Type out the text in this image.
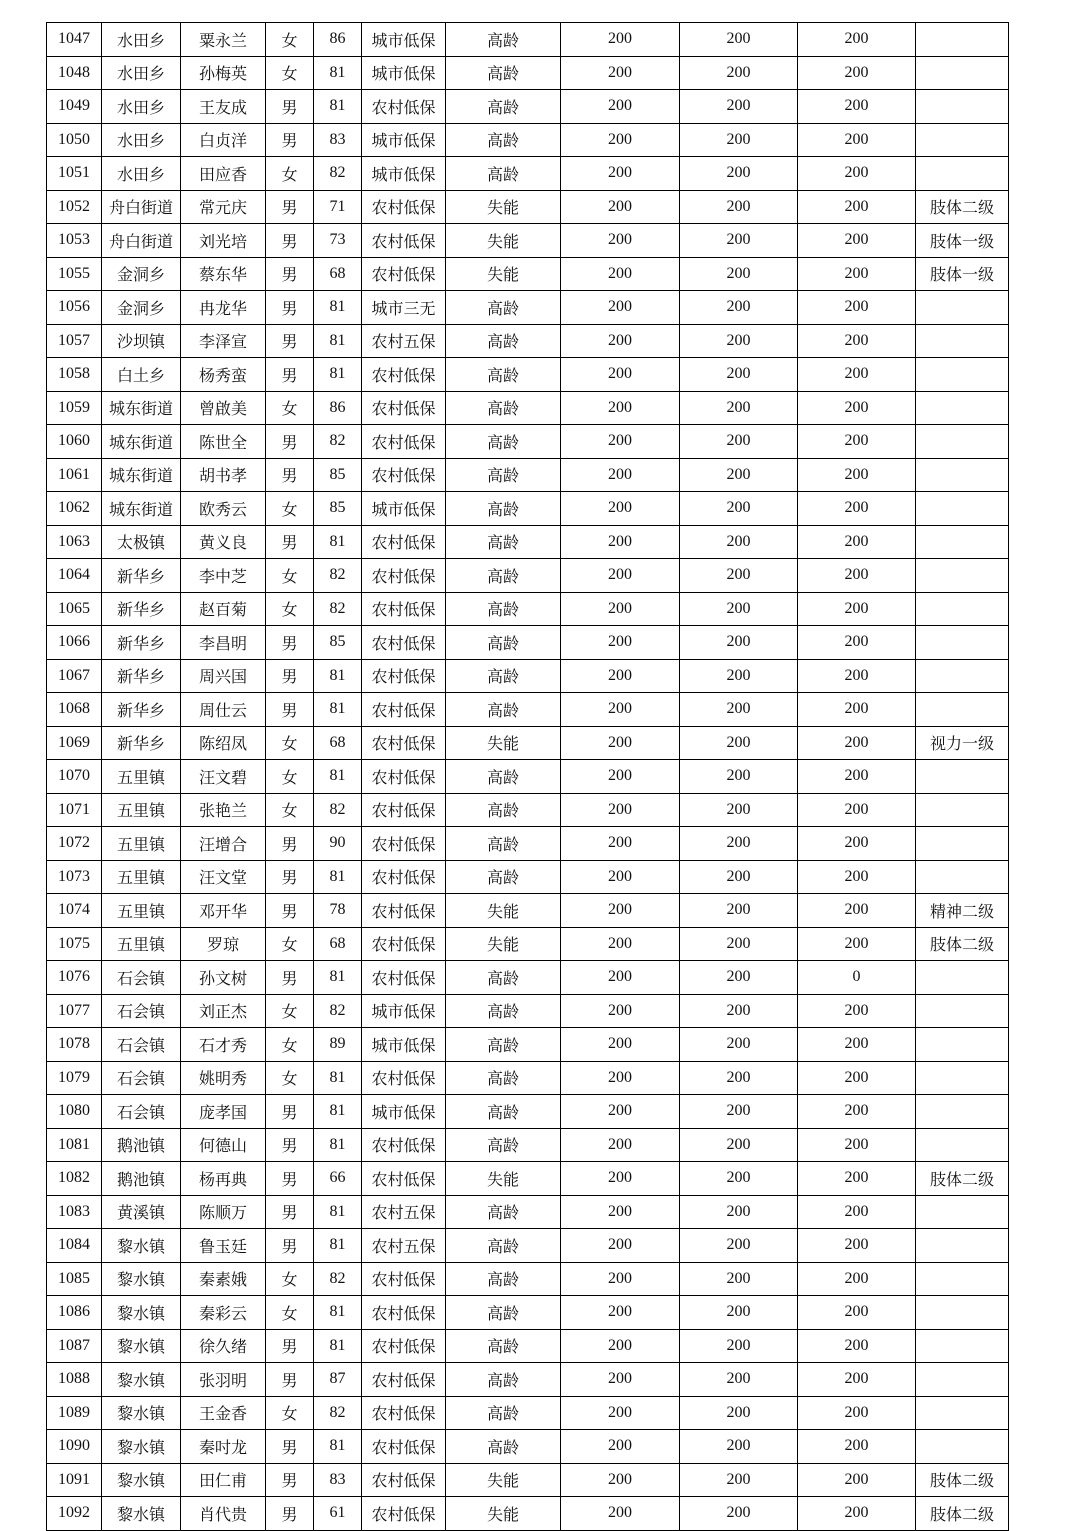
1047	水田乡	粟永兰	女	86	城市低保	高龄	200	200	200	
1048	水田乡	孙梅英	女	81	城市低保	高龄	200	200	200	
1049	水田乡	王友成	男	81	农村低保	高龄	200	200	200	
1050	水田乡	白贞洋	男	83	城市低保	高龄	200	200	200	
1051	水田乡	田应香	女	82	城市低保	高龄	200	200	200	
1052	舟白街道	常元庆	男	71	农村低保	失能	200	200	200	肢体二级
1053	舟白街道	刘光培	男	73	农村低保	失能	200	200	200	肢体一级
1055	金洞乡	蔡东华	男	68	农村低保	失能	200	200	200	肢体一级
1056	金洞乡	冉龙华	男	81	城市三无	高龄	200	200	200	
1057	沙坝镇	李泽宣	男	81	农村五保	高龄	200	200	200	
1058	白土乡	杨秀蛮	男	81	农村低保	高龄	200	200	200	
1059	城东街道	曾啟美	女	86	农村低保	高龄	200	200	200	
1060	城东街道	陈世全	男	82	农村低保	高龄	200	200	200	
1061	城东街道	胡书孝	男	85	农村低保	高龄	200	200	200	
1062	城东街道	欧秀云	女	85	城市低保	高龄	200	200	200	
1063	太极镇	黄义良	男	81	农村低保	高龄	200	200	200	
1064	新华乡	李中芝	女	82	农村低保	高龄	200	200	200	
1065	新华乡	赵百菊	女	82	农村低保	高龄	200	200	200	
1066	新华乡	李昌明	男	85	农村低保	高龄	200	200	200	
1067	新华乡	周兴国	男	81	农村低保	高龄	200	200	200	
1068	新华乡	周仕云	男	81	农村低保	高龄	200	200	200	
1069	新华乡	陈绍凤	女	68	农村低保	失能	200	200	200	视力一级
1070	五里镇	汪文碧	女	81	农村低保	高龄	200	200	200	
1071	五里镇	张艳兰	女	82	农村低保	高龄	200	200	200	
1072	五里镇	汪增合	男	90	农村低保	高龄	200	200	200	
1073	五里镇	汪文堂	男	81	农村低保	高龄	200	200	200	
1074	五里镇	邓开华	男	78	农村低保	失能	200	200	200	精神二级
1075	五里镇	罗琼	女	68	农村低保	失能	200	200	200	肢体二级
1076	石会镇	孙文树	男	81	农村低保	高龄	200	200	0	
1077	石会镇	刘正杰	女	82	城市低保	高龄	200	200	200	
1078	石会镇	石才秀	女	89	城市低保	高龄	200	200	200	
1079	石会镇	姚明秀	女	81	农村低保	高龄	200	200	200	
1080	石会镇	庞孝国	男	81	城市低保	高龄	200	200	200	
1081	鹅池镇	何德山	男	81	农村低保	高龄	200	200	200	
1082	鹅池镇	杨再典	男	66	农村低保	失能	200	200	200	肢体二级
1083	黄溪镇	陈顺万	男	81	农村五保	高龄	200	200	200	
1084	黎水镇	鲁玉廷	男	81	农村五保	高龄	200	200	200	
1085	黎水镇	秦素娥	女	82	农村低保	高龄	200	200	200	
1086	黎水镇	秦彩云	女	81	农村低保	高龄	200	200	200	
1087	黎水镇	徐久绪	男	81	农村低保	高龄	200	200	200	
1088	黎水镇	张羽明	男	87	农村低保	高龄	200	200	200	
1089	黎水镇	王金香	女	82	农村低保	高龄	200	200	200	
1090	黎水镇	秦吋龙	男	81	农村低保	高龄	200	200	200	
1091	黎水镇	田仁甫	男	83	农村低保	失能	200	200	200	肢体二级
1092	黎水镇	肖代贵	男	61	农村低保	失能	200	200	200	肢体二级
